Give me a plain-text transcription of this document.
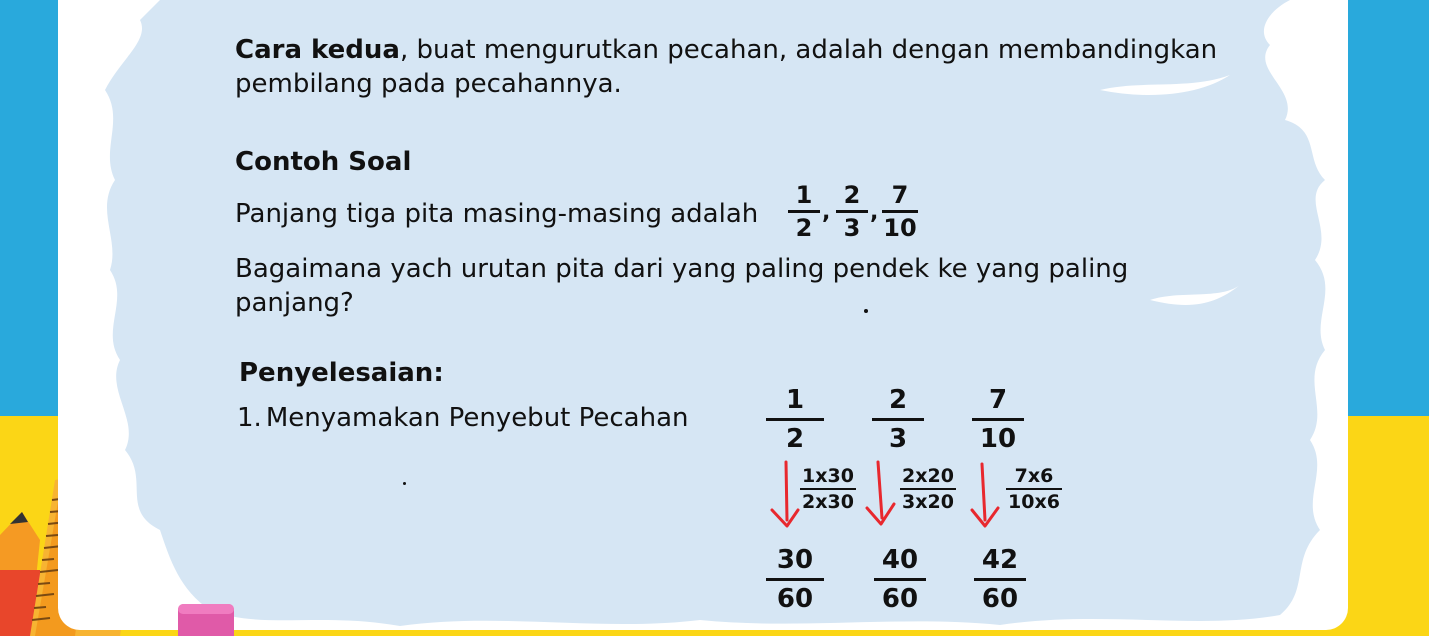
Cara kedua, buat mengurutkan pecahan, adalah dengan membandingkan
pembilang pada pecahannya.
Contoh Soal
Panjang tiga pita masing-masing adalah
1
2
,
2
3
,
7
10
Bagaimana yach urutan pita dari yang paling pendek ke yang paling
panjang?
Penyelesaian:
1. Menyamakan Penyebut Pecahan
1
2
2
3
7
10
1x30
2x30
2x20
3x20
7x6
10x6
30
60
40
60
42
60
